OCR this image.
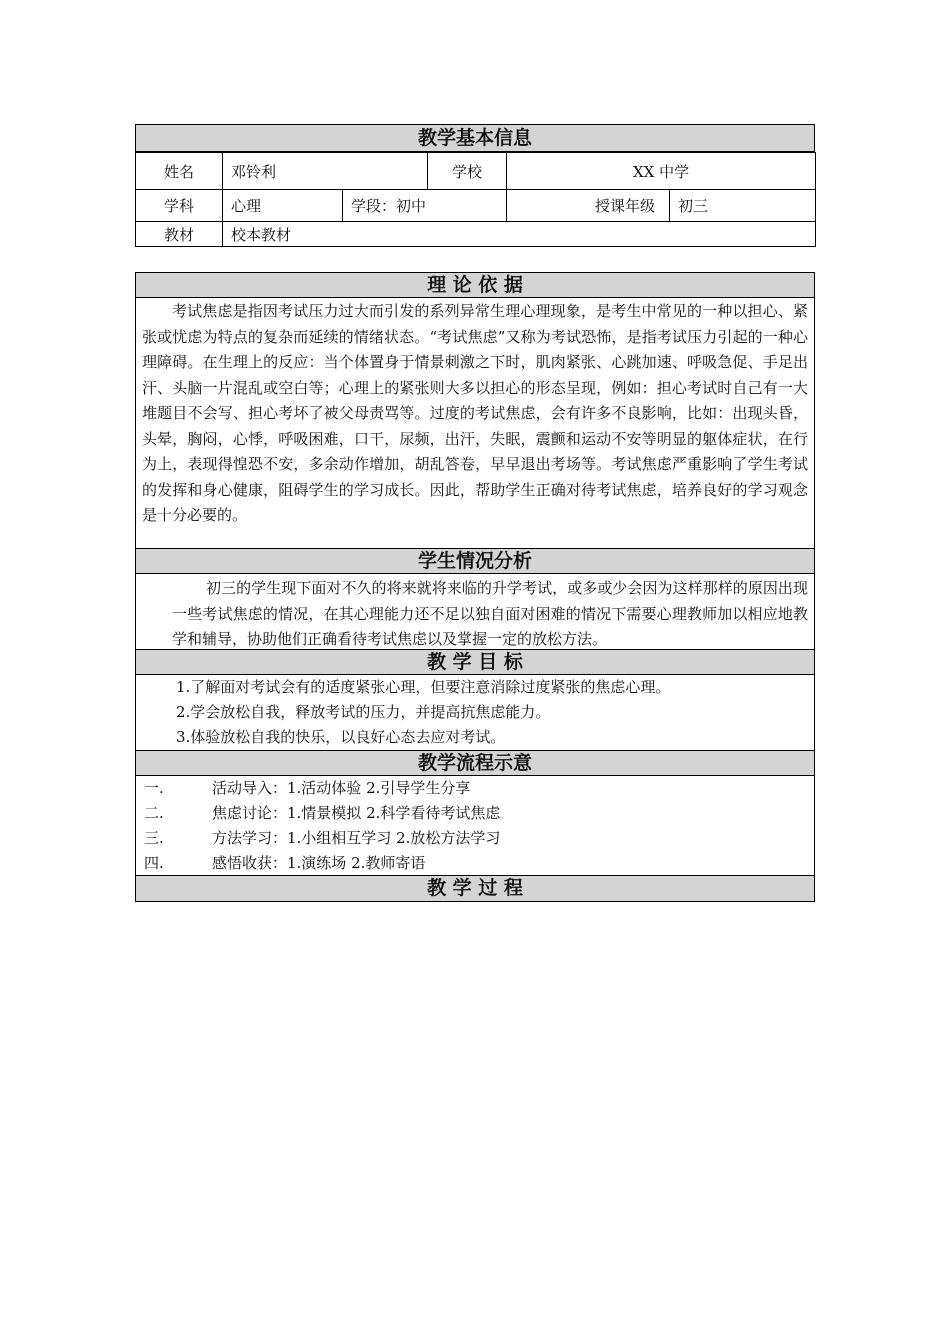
教学基本信息
姓名	邓铃利		学校	XX 中学	
学科	心理	学段：初中		授课年级	初三
教材	校本教材				
理 论 依 据
考试焦虑是指因考试压力过大而引发的系列异常生理心理现象，是考生中常见的一种以担心、紧张或忧虑为特点的复杂而延续的情绪状态。“考试焦虑”又称为考试恐怖，是指考试压力引起的一种心理障碍。在生理上的反应：当个体置身于情景刺激之下时，肌肉紧张、心跳加速、呼吸急促、手足出汗、头脑一片混乱或空白等；心理上的紧张则大多以担心的形态呈现，例如：担心考试时自己有一大堆题目不会写、担心考坏了被父母责骂等。过度的考试焦虑，会有许多不良影响，比如：出现头昏，头晕，胸闷，心悸，呼吸困难，口干，尿频，出汗，失眠，震颤和运动不安等明显的躯体症状，在行为上，表现得惶恐不安，多余动作增加，胡乱答卷，早早退出考场等。考试焦虑严重影响了学生考试的发挥和身心健康，阻碍学生的学习成长。因此，帮助学生正确对待考试焦虑，培养良好的学习观念是十分必要的。
学生情况分析
初三的学生现下面对不久的将来就将来临的升学考试，或多或少会因为这样那样的原因出现一些考试焦虑的情况，在其心理能力还不足以独自面对困难的情况下需要心理教师加以相应地教学和辅导，协助他们正确看待考试焦虑以及掌握一定的放松方法。
教 学 目 标
1.了解面对考试会有的适度紧张心理，但要注意消除过度紧张的焦虑心理。
2.学会放松自我，释放考试的压力，并提高抗焦虑能力。
3.体验放松自我的快乐，以良好心态去应对考试。
教学流程示意
一.	活动导入：1.活动体验 2.引导学生分享
二.	焦虑讨论：1.情景模拟 2.科学看待考试焦虑
三.	方法学习：1.小组相互学习 2.放松方法学习
四.	感悟收获：1.演练场 2.教师寄语
教 学 过 程
